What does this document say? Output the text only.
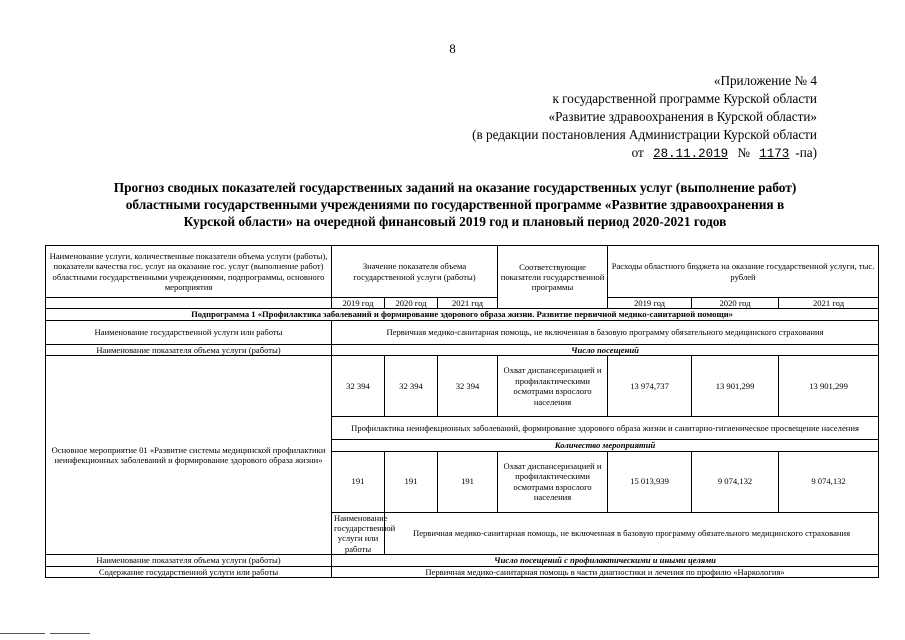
8
«Приложение № 4
к государственной программе Курской области
«Развитие здравоохранения в Курской области»
(в редакции постановления Администрации Курской области
от 28.11.2019 № 1173 -па)
Прогноз сводных показателей государственных заданий на оказание государственных услуг (выполнение работ)
областными государственными учреждениями по государственной программе «Развитие здравоохранения в
Курской области» на очередной финансовый 2019 год и плановый период 2020-2021 годов
Наименование услуги, количественные показатели объема услуги (работы), показатели качества гос. услуг на оказание гос. услуг (выполнение работ) областными государственными учреждениями, подпрограммы, основного мероприятия	Значение показателя объема государственной услуги (работы)			Соответствующие показатели государственной программы	Расходы областного бюджета на оказание государственной услуги, тыс. рублей		
	2019 год	2020 год	2021 год		2019 год	2020 год	2021 год
Подпрограмма 1 «Профилактика заболеваний и формирование здорового образа жизни. Развитие первичной медико-санитарной помощи»							
Наименование государственной услуги или работы	Первичная медико-санитарная помощь, не включенная в базовую программу обязательного медицинского страхования						
Наименование показателя объема услуги (работы)	Число посещений						
Основное мероприятие 01 «Развитие системы медицинской профилактики неинфекционных заболеваний и формирование здорового образа жизни»	32 394	32 394	32 394	Охват диспансеризацией и профилактическими осмотрами взрослого населения	13 974,737	13 901,299	13 901,299
	Профилактика неинфекционных заболеваний, формирование здорового образа жизни и санитарно-гигиеническое просвещение населения						
	Количество мероприятий						
	191	191	191	Охват диспансеризацией и профилактическими осмотрами взрослого населения	15 013,939	9 074,132	9 074,132
	Наименование государственной услуги или работы	Первичная медико-санитарная помощь, не включенная в базовую программу обязательного медицинского страхования					
Наименование показателя объема услуги (работы)	Число посещений с профилактическими и иными целями						
Содержание государственной услуги или работы	Первичная медико-санитарная помощь в части диагностики и лечения по профилю «Наркология»						
